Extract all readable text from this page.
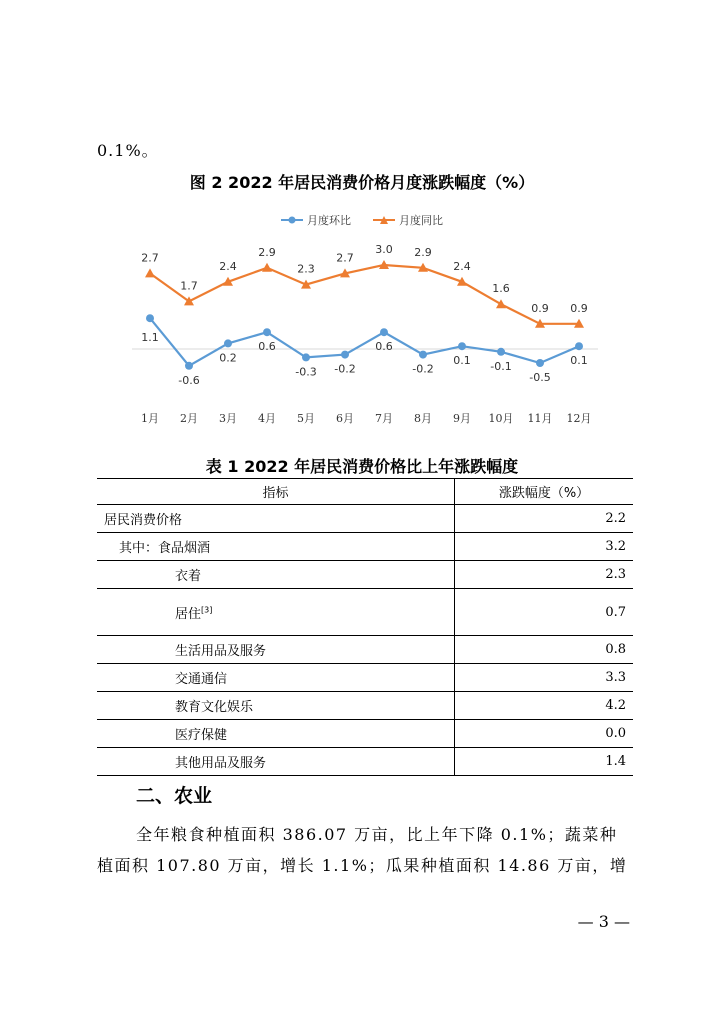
0.1%。
图 2 2022 年居民消费价格月度涨跌幅度（%）
月度环比	月度同比
1.1
-0.6
0.2
0.6
-0.3 -0.2
0.6
-0.2
0.1 -0.1
-0.5
0.1
2.7
1.7
2.4
2.9
2.3
2.7
3.0 2.9
2.4
1.6
0.9 0.9
1月 2月 3月 4月 5月 6月 7月 8月 9月 10月 11月 12月
表 1 2022 年居民消费价格比上年涨跌幅度
指标	涨跌幅度（%）
居民消费价格	2.2
其中：食品烟酒	3.2
衣着	2.3
居住[3]	0.7
生活用品及服务	0.8
交通通信	3.3
教育文化娱乐	4.2
医疗保健	0.0
其他用品及服务	1.4
二、农业
全年粮食种植面积 386.07 万亩，比上年下降 0.1%；蔬菜种
植面积 107.80 万亩，增长 1.1%；瓜果种植面积 14.86 万亩，增
— 3 —
